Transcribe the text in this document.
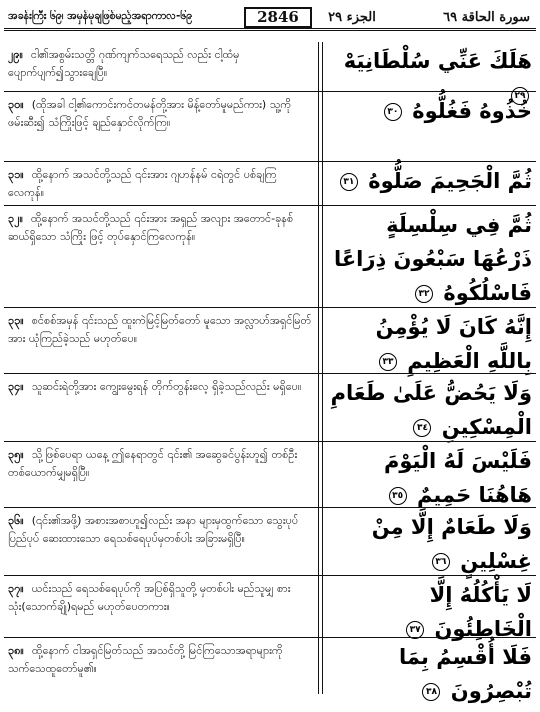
အခန်းကြီး ၆၉၊ အမှန်မုချဖြစ်မည့်အရာကာလ-၆၉	2846	الجزء ٢٩	سورة الحاقة ٦٩
၂၉။ ငါ၏အစွမ်းသတ္တိ ဂုဏ်ကျက်သရေသည် လည်း ငါ့ထံမှ ပျောက်ပျက်၍သွားချေပြီ။	هَلَكَ عَنِّي سُلْطَانِيَهْ ٢٩
၃၀။ (ထိုအခါ ငါ့၏ကောင်းကင်တမန်တို့အား မိန့်တော်မူမည်ကား) သူ့ကို ဖမ်းဆီး၍ သံကြိုးဖြင့် ချည်နှောင်လိုက်ကြ။	خُذُوهُ فَغُلُّوهُ ٣٠
၃၁။ ထို့နောက် အသင်တို့သည် ၎င်းအား ဂျဟန်နမ် ငရဲတွင် ပစ်ချကြလေကုန်။	ثُمَّ الْجَحِيمَ صَلُّوهُ ٣١
၃၂။ ထို့နောက် အသင်တို့သည် ၎င်းအား အရှည် အလျား အတောင်-ခုနစ်ဆယ်ရှိသော သံကြိုး ဖြင့် တုပ်နှောင်ကြလေကုန်။	ثُمَّ فِي سِلْسِلَةٍ ذَرْعُهَا سَبْعُونَ ذِرَاعًا فَاسْلُكُوهُ ٣٢
၃၃။ စင်စစ်အမှန် ၎င်းသည် ထူးကဲမြင့်မြတ်တော် မူသော အလ္လာဟ်အရှင်မြတ်အား ယုံကြည်ခဲ့သည် မဟုတ်ပေ။	إِنَّهُ كَانَ لَا يُؤْمِنُ بِاللَّهِ الْعَظِيمِ ٣٣
၃၄။ သူဆင်းရဲတို့အား ကျွေးမွေးရန် တိုက်တွန်းလေ့ ရှိခဲ့သည်လည်း မရှိပေ။	وَلَا يَحُضُّ عَلَىٰ طَعَامِ الْمِسْكِينِ ٣٤
၃၅။ သို့ဖြစ်ပေရာ ယနေ့ ဤနေရာတွင် ၎င်း၏ အဆွေခင်ပွန်းဟူ၍ တစ်ဦးတစ်ယောက်မျှမရှိပြီ။	فَلَيْسَ لَهُ الْيَوْمَ هَاهُنَا حَمِيمٌ ٣٥
၃၆။ (၎င်း၏အဖို့) အစားအစာဟူ၍လည်း အနာ များမှထွက်သော သွေးပုပ်ပြည်ပုပ် ဆေးထားသော ရေသစ်ရေပုပ်မှတစ်ပါး အခြားမရှိပြီ။	وَلَا طَعَامٌ إِلَّا مِنْ غِسْلِينٍ ٣٦
၃၇။ ယင်းသည် ရေသစ်ရေပုပ်ကို အပြစ်ရှိသူတို့ မှတစ်ပါး မည်သူမျှ စားသုံး(သောက်ချို)ရမည် မဟုတ်ပေတကား။	لَا يَأْكُلُهُ إِلَّا الْخَاطِئُونَ ٣٧
၃၈။ ထို့နောက် ငါအရှင်မြတ်သည် အသင်တို့ မြင်ကြသောအရာများကို သက်သေထူတော်မူ၏။	فَلَا أُقْسِمُ بِمَا تُبْصِرُونَ ٣٨
